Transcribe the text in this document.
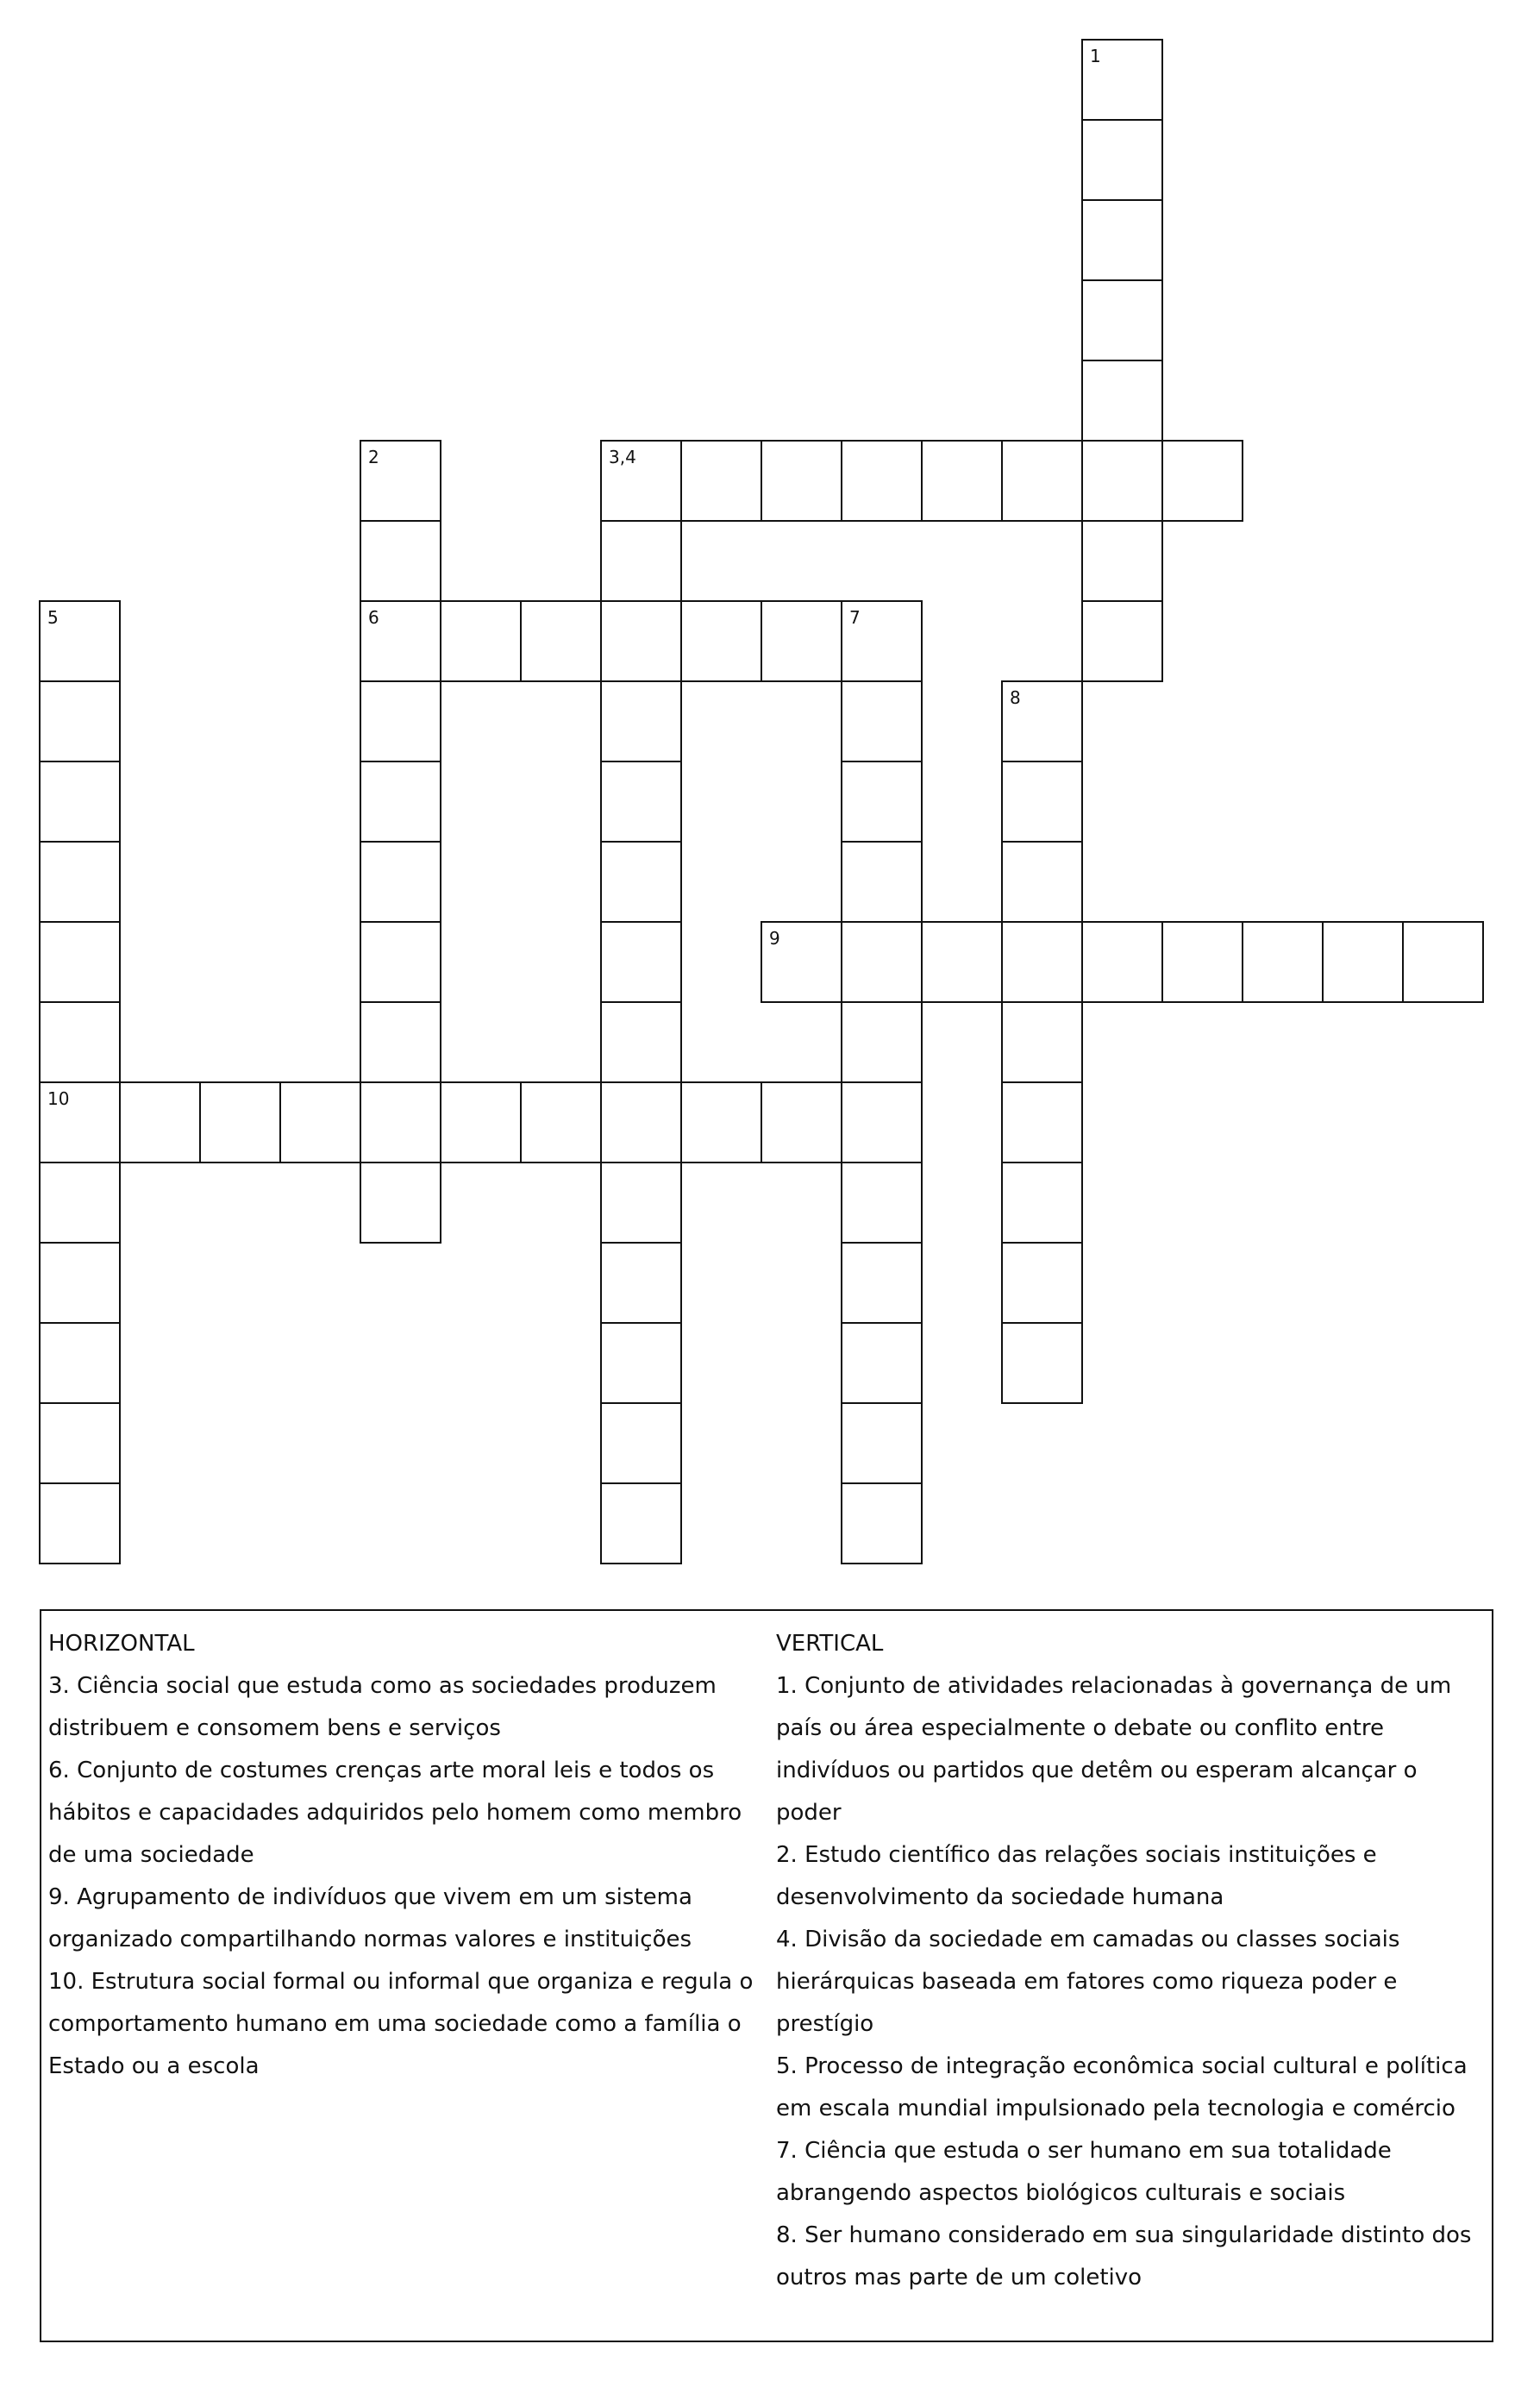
1
2
6
3,4
5
10
7
8
9
HORIZONTAL
3. Ciência social que estuda como as sociedades produzem distribuem e consomem bens e serviços
6. Conjunto de costumes crenças arte moral leis e todos os hábitos e capacidades adquiridos pelo homem como membro de uma sociedade
9. Agrupamento de indivíduos que vivem em um sistema organizado compartilhando normas valores e instituições
10. Estrutura social formal ou informal que organiza e regula o comportamento humano em uma sociedade como a família o Estado ou a escola
VERTICAL
1. Conjunto de atividades relacionadas à governança de um país ou área especialmente o debate ou conflito entre indivíduos ou partidos que detêm ou esperam alcançar o poder
2. Estudo científico das relações sociais instituições e desenvolvimento da sociedade humana
4. Divisão da sociedade em camadas ou classes sociais hierárquicas baseada em fatores como riqueza poder e prestígio
5. Processo de integração econômica social cultural e política em escala mundial impulsionado pela tecnologia e comércio
7. Ciência que estuda o ser humano em sua totalidade abrangendo aspectos biológicos culturais e sociais
8. Ser humano considerado em sua singularidade distinto dos outros mas parte de um coletivo
